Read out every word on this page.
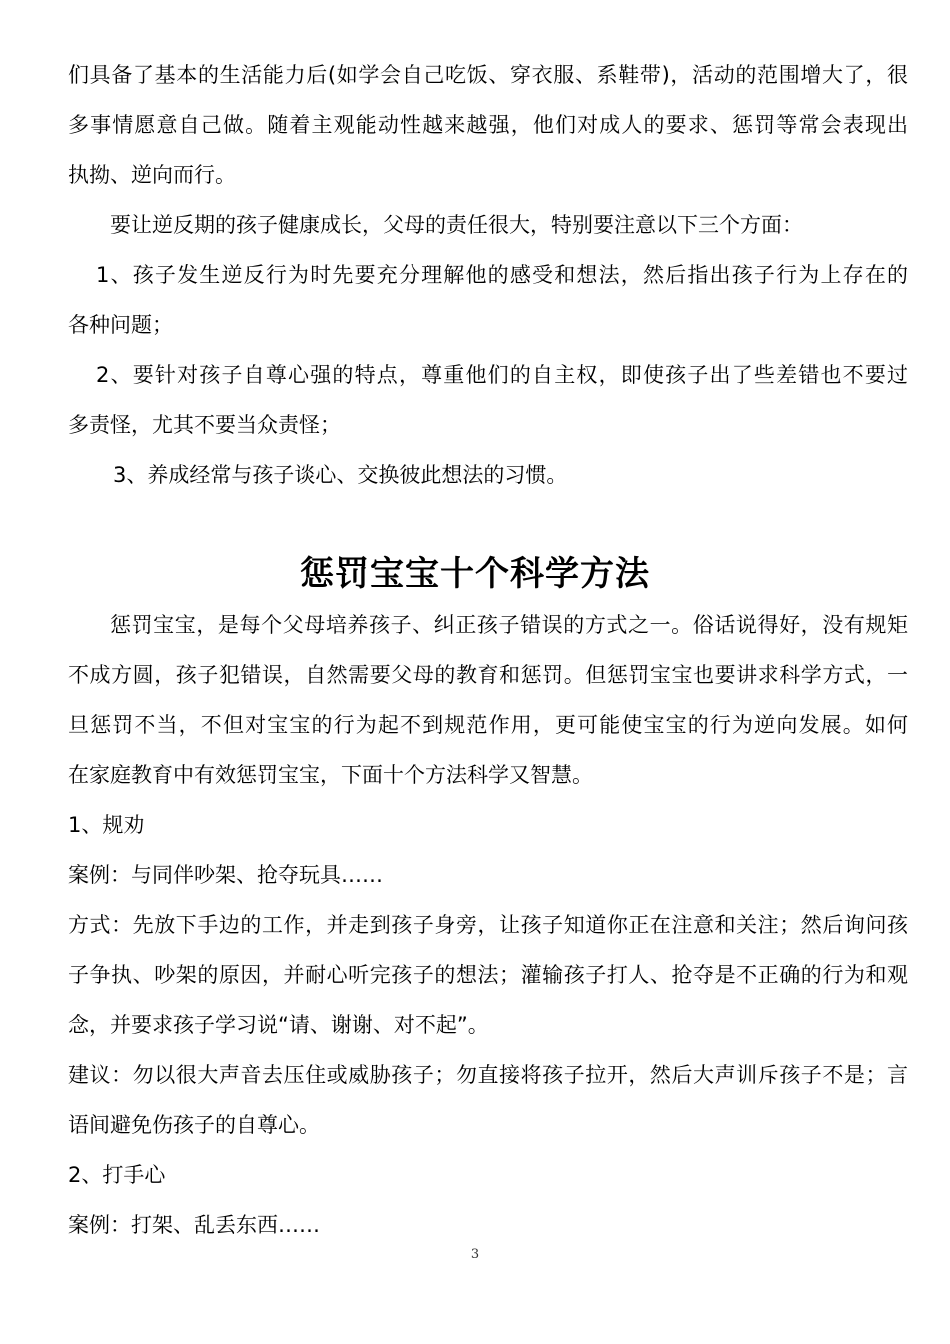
们具备了基本的生活能力后(如学会自己吃饭、穿衣服、系鞋带)，活动的范围增大了，很
多事情愿意自己做。随着主观能动性越来越强，他们对成人的要求、惩罚等常会表现出
执拗、逆向而行。
要让逆反期的孩子健康成长，父母的责任很大，特别要注意以下三个方面：
1、孩子发生逆反行为时先要充分理解他的感受和想法，然后指出孩子行为上存在的
各种问题；
2、要针对孩子自尊心强的特点，尊重他们的自主权，即使孩子出了些差错也不要过
多责怪，尤其不要当众责怪；
3、养成经常与孩子谈心、交换彼此想法的习惯。
惩罚宝宝十个科学方法
惩罚宝宝，是每个父母培养孩子、纠正孩子错误的方式之一。俗话说得好，没有规矩
不成方圆，孩子犯错误，自然需要父母的教育和惩罚。但惩罚宝宝也要讲求科学方式，一
旦惩罚不当，不但对宝宝的行为起不到规范作用，更可能使宝宝的行为逆向发展。如何
在家庭教育中有效惩罚宝宝，下面十个方法科学又智慧。
1、规劝
案例：与同伴吵架、抢夺玩具……
方式：先放下手边的工作，并走到孩子身旁，让孩子知道你正在注意和关注；然后询问孩
子争执、吵架的原因，并耐心听完孩子的想法；灌输孩子打人、抢夺是不正确的行为和观
念，并要求孩子学习说“请、谢谢、对不起”。
建议：勿以很大声音去压住或威胁孩子；勿直接将孩子拉开，然后大声训斥孩子不是；言
语间避免伤孩子的自尊心。
2、打手心
案例：打架、乱丢东西……
3
